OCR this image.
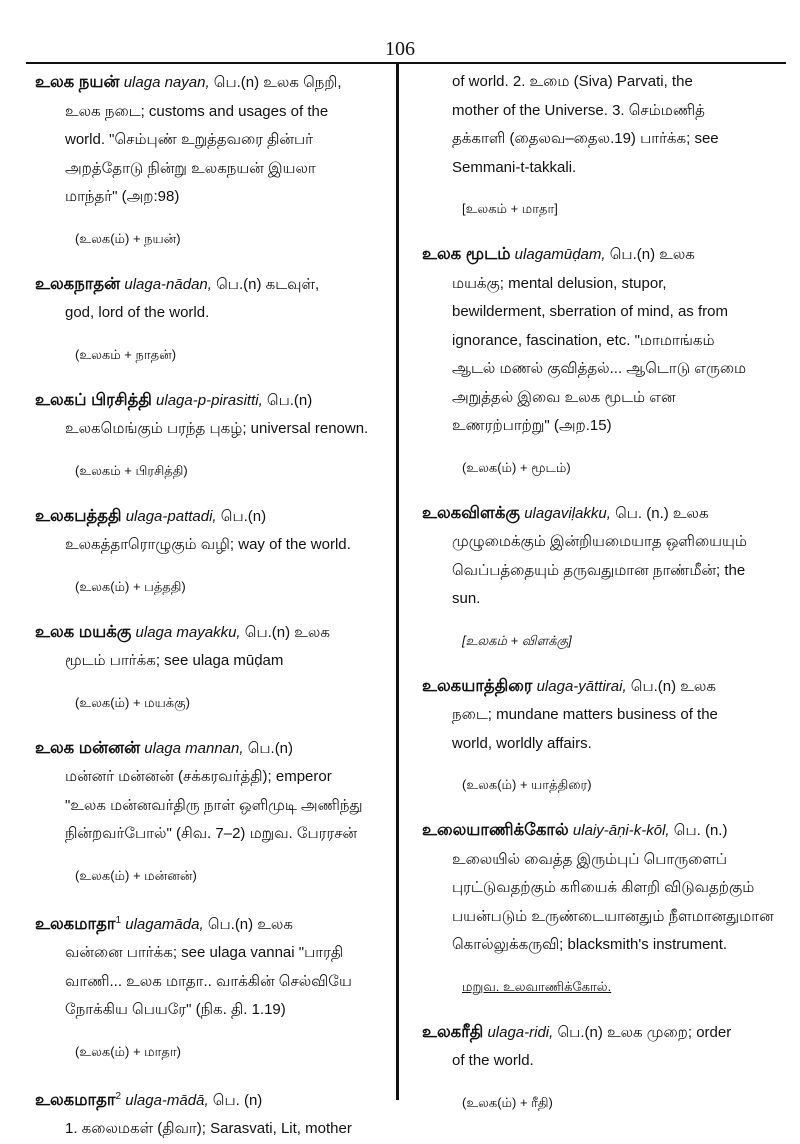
106
உலக நயன் ulaga nayan, பெ.(n) உலக நெறி,
உலக நடை; customs and usages of the
world. "செம்புண் உறுத்தவரை தின்பர்
அறத்தோடு நின்று உலகநயன் இயலா
மாந்தர்" (அற:98)
(உலக(ம்) + நயன்)
உலகநாதன் ulaga-nādan, பெ.(n) கடவுள்,
god, lord of the world.
(உலகம் + நாதன்)
உலகப் பிரசித்தி ulaga-p-pirasitti, பெ.(n)
உலகமெங்கும் பரந்த புகழ்; universal renown.
(உலகம் + பிரசித்தி)
உலகபத்ததி ulaga-pattadi, பெ.(n)
உலகத்தாரொழுகும் வழி; way of the world.
(உலக(ம்) + பத்ததி)
உலக மயக்கு ulaga mayakku, பெ.(n) உலக
மூடம் பார்க்க; see ulaga mūḍam
(உலக(ம்) + மயக்கு)
உலக மன்னன் ulaga mannan, பெ.(n)
மன்னர் மன்னன் (சக்கரவர்த்தி); emperor
"உலக மன்னவர்திரு நாள் ஒளிமுடி அணிந்து
நின்றவர்போல்" (சிவ. 7–2) மறுவ. பேரரசன்
(உலக(ம்) + மன்னன்)
உலகமாதா$^1$ ulagamāda, பெ.(n) உலக
வன்னை பார்க்க; see ulaga vannai "பாரதி
வாணி... உலக மாதா.. வாக்கின் செல்வியே
நோக்கிய பெயரே" (நிக. தி. 1.19)
(உலக(ம்) + மாதா)
உலகமாதா$^2$ ulaga-mādā, பெ. (n)
1. கலைமகள் (திவா); Sarasvati, Lit, mother
of world. 2. உமை (Siva) Parvati, the
mother of the Universe. 3. செம்மணித்
தக்காளி (தைலவ–தைல.19) பார்க்க; see
Semmani-t-takkali.
[உலகம் + மாதா]
உலக மூடம் ulagamūḍam, பெ.(n) உலக
மயக்கு; mental delusion, stupor,
bewilderment, sberration of mind, as from
ignorance, fascination, etc. "மாமாங்கம்
ஆடல் மணல் குவித்தல்... ஆடொடு எருமை
அறுத்தல் இவை உலக மூடம் என
உணரற்பாற்று" (அற.15)
(உலக(ம்) + மூடம்)
உலகவிளக்கு ulagaviḷakku, பெ. (n.) உலக
முழுமைக்கும் இன்றியமையாத ஒளியையும்
வெப்பத்தையும் தருவதுமான நாண்மீன்; the
sun.
[உலகம் + விளக்கு]
உலகயாத்திரை ulaga-yāttirai, பெ.(n) உலக
நடை; mundane matters business of the
world, worldly affairs.
(உலக(ம்) + யாத்திரை)
உலையாணிக்கோல் ulaiy-āṇi-k-kōl, பெ. (n.)
உலையில் வைத்த இரும்புப் பொருளைப்
புரட்டுவதற்கும் கரியைக் கிளறி விடுவதற்கும்
பயன்படும் உருண்டையானதும் நீளமானதுமான
கொல்லுக்கருவி; blacksmith's instrument.
மறுவ. உலவாணிக்கோல்.
உலகரீதி ulaga-ridi, பெ.(n) உலக முறை; order
of the world.
(உலக(ம்) + ரீதி)
